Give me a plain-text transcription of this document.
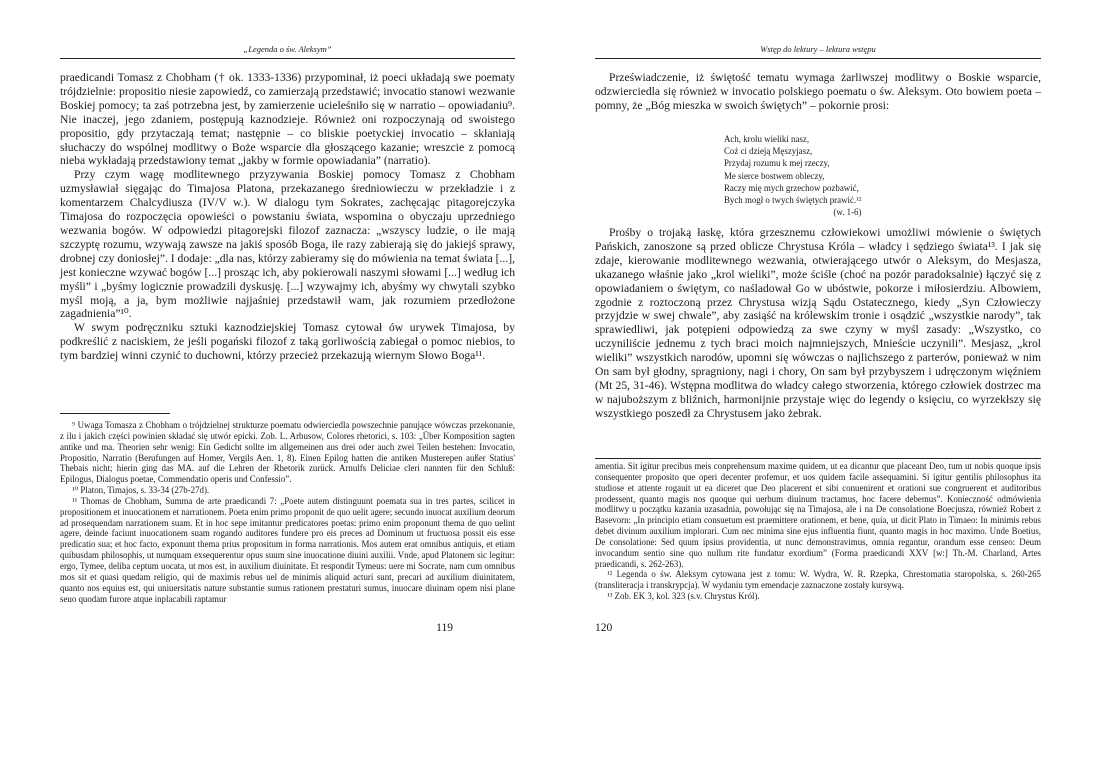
„Legenda o św. Aleksym”

praedicandi Tomasz z Chobham († ok. 1333-1336) przypominał, iż poeci układają swe poematy trójdzielnie: propositio niesie zapowiedź, co zamierzają przedstawić; invocatio stanowi wezwanie Boskiej pomocy; ta zaś potrzebna jest, by zamierzenie ucieleśniło się w narratio – opowiadaniu⁹. Nie inaczej, jego zdaniem, postępują kaznodzieje. Również oni rozpoczynają od swoistego propositio, gdy przytaczają temat; następnie – co bliskie poetyckiej invocatio – skłaniają słuchaczy do wspólnej modlitwy o Boże wsparcie dla głoszącego kazanie; wreszcie z pomocą nieba wykładają przedstawiony temat „jakby w formie opowiadania” (narratio).

Przy czym wagę modlitewnego przyzywania Boskiej pomocy Tomasz z Chobham uzmysławiał sięgając do Timajosa Platona, przekazanego średniowieczu w przekładzie i z komentarzem Chalcydiusza (IV/V w.). W dialogu tym Sokrates, zachęcając pitagorejczyka Timajosa do rozpoczęcia opowieści o powstaniu świata, wspomina o obyczaju uprzedniego wezwania bogów. W odpowiedzi pitagorejski filozof zaznacza: „wszyscy ludzie, o ile mają szczyptę rozumu, wzywają zawsze na jakiś sposób Boga, ile razy zabierają się do jakiejś sprawy, drobnej czy doniosłej”. I dodaje: „dla nas, którzy zabieramy się do mówienia na temat świata [...], jest konieczne wzywać bogów [...] prosząc ich, aby pokierowali naszymi słowami [...] według ich myśli” i „byśmy logicznie prowadzili dyskusję. [...] wzywajmy ich, abyśmy wy chwytali szybko myśl moją, a ja, bym możliwie najjaśniej przedstawił wam, jak rozumiem przedłożone zagadnienia”¹⁰.

W swym podręczniku sztuki kaznodziejskiej Tomasz cytował ów urywek Timajosa, by podkreślić z naciskiem, że jeśli pogański filozof z taką gorliwością zabiegał o pomoc niebios, to tym bardziej winni czynić to duchowni, którzy przecież przekazują wiernym Słowo Boga¹¹.

⁹ Uwaga Tomasza z Chobham o trójdzielnej strukturze poematu odwierciedla powszechnie panujące wówczas przekonanie, z ilu i jakich części powinien składać się utwór epicki. Zob. L. Arbusow, Colores rhetorici, s. 103: „Über Komposition sagten antike und ma. Theorien sehr wenig: Ein Gedicht sollte im allgemeinen aus drei oder auch zwei Teilen bestehen: Invocatio, Propositio, Narratio (Berufungen auf Homer, Vergils Aen. 1, 8). Einen Epilog hatten die antiken Musterepen außer Statius' Thebais nicht; hierin ging das MA. auf die Lehren der Rhetorik zurück. Arnulfs Deliciae cleri nannten für den Schluß: Epilogus, Dialogus poetae, Commendatio operis und Confessio”.

¹⁰ Platon, Timajos, s. 33-34 (27b-27d).

¹¹ Thomas de Chobham, Summa de arte praedicandi 7: „Poete autem distinguunt poemata sua in tres partes, scilicet in propositionem et inuocationem et narrationem. Poeta enim primo proponit de quo uelit agere; secundo inuocat auxilium deorum ad prosequendam narrationem suam. Et in hoc sepe imitantur predicatores poetas: primo enim proponunt thema de quo uelint agere, deinde faciunt inuocationem suam rogando auditores fundere pro eis preces ad Dominum ut fructuosa possit eis esse predicatio sua; et hoc facto, exponunt thema prius propositum in forma narrationis. Mos autem erat omnibus antiquis, et etiam quibusdam philosophis, ut numquam exsequerentur opus suum sine inuocatione diuini auxilii. Vnde, apud Platonem sic legitur: ergo, Tymee, deliba ceptum uocata, ut mos est, in auxilium diuinitate. Et respondit Tymeus: uere mi Socrate, nam cum omnibus mos sit et quasi quedam religio, qui de maximis rebus uel de minimis aliquid acturi sunt, precari ad auxilium diuinitatem, quanto nos equius est, qui uniuersitatis nature substantie sumus rationem prestaturi sumus, inuocare diuinam opem nisi plane seuo quodam furore atque inplacabili raptamur

119
Wstęp do lektury – lektura wstępu

Przeświadczenie, iż świętość tematu wymaga żarliwszej modlitwy o Boskie wsparcie, odzwierciedla się również w invocatio polskiego poematu o św. Aleksym. Oto bowiem poeta – pomny, że „Bóg mieszka w swoich świętych” – pokornie prosi:

Ach, krolu wieliki nasz,
Coż ci dzieją Męszyjasz,
Przydaj rozumu k mej rzeczy,
Me sierce bostwem obleczy,
Raczy mię mych grzechow pozbawić,
Bych mogł o twych świętych prawić.¹²
(w. 1-6)

Prośby o trojaką łaskę, która grzesznemu człowiekowi umożliwi mówienie o świętych Pańskich, zanoszone są przed oblicze Chrystusa Króla – władcy i sędziego świata¹³. I jak się zdaje, kierowanie modlitewnego wezwania, otwierającego utwór o Aleksym, do Mesjasza, ukazanego właśnie jako „krol wieliki”, może ściśle (choć na pozór paradoksalnie) łączyć się z opowiadaniem o świętym, co naśladował Go w ubóstwie, pokorze i miłosierdziu. Albowiem, zgodnie z roztoczoną przez Chrystusa wizją Sądu Ostatecznego, kiedy „Syn Człowieczy przyjdzie w swej chwale”, aby zasiąść na królewskim tronie i osądzić „wszystkie narody”, tak sprawiedliwi, jak potępieni odpowiedzą za swe czyny w myśl zasady: „Wszystko, co uczyniliście jednemu z tych braci moich najmniejszych, Mnieście uczynili”. Mesjasz, „krol wieliki” wszystkich narodów, upomni się wówczas o najlichszego z parterów, ponieważ w nim On sam był głodny, spragniony, nagi i chory, On sam był przybyszem i udręczonym więźniem (Mt 25, 31-46). Wstępna modlitwa do władcy całego stworzenia, którego człowiek dostrzec ma w najuboższym z bliźnich, harmonijnie przystaje więc do legendy o księciu, co wyrzekłszy się wszystkiego poszedł za Chrystusem jako żebrak.

amentia. Sit igitur precibus meis conprehensum maxime quidem, ut ea dicantur que placeant Deo, tum ut nobis quoque ipsis consequenter proposito que operi decenter profemur, et uos quidem facile assequamini. Si igitur gentilis philosophus ita studiose et attente rogauit ut ea diceret que Deo placerent et sibi conuenirent et orationi sue congruerent et auditoribus prodessent, quanto magis nos quoque qui uerbum diuinum tractamus, hoc facere debemus”. Konieczność odmówienia modlitwy u początku kazania uzasadnia, powołując się na Timajosa, ale i na De consolatione Boecjusza, również Robert z Basevorn: „In principio etiam consuetum est praemittere orationem, et bene, quia, ut dicit Plato in Timaeo: In minimis rebus debet divinum auxilium implorari. Cum nec minima sine ejus influentia fiunt, quanto magis in hoc maximo. Unde Boetius, De consolatione: Sed quum ipsius providentia, ut nunc demonstravimus, omnia regantur, orandum esse censeo: Deum invocandum sentio sine quo nullum rite fundatur exordium” (Forma praedicandi XXV [w:] Th.-M. Charland, Artes praedicandi, s. 262-263).

¹² Legenda o św. Aleksym cytowana jest z tomu: W. Wydra, W. R. Rzepka, Chrestomatia staropolska, s. 260-265 (transliteracja i transkrypcja). W wydaniu tym emendacje zaznaczone zostały kursywą.

¹³ Zob. EK 3, kol. 323 (s.v. Chrystus Król).

120
